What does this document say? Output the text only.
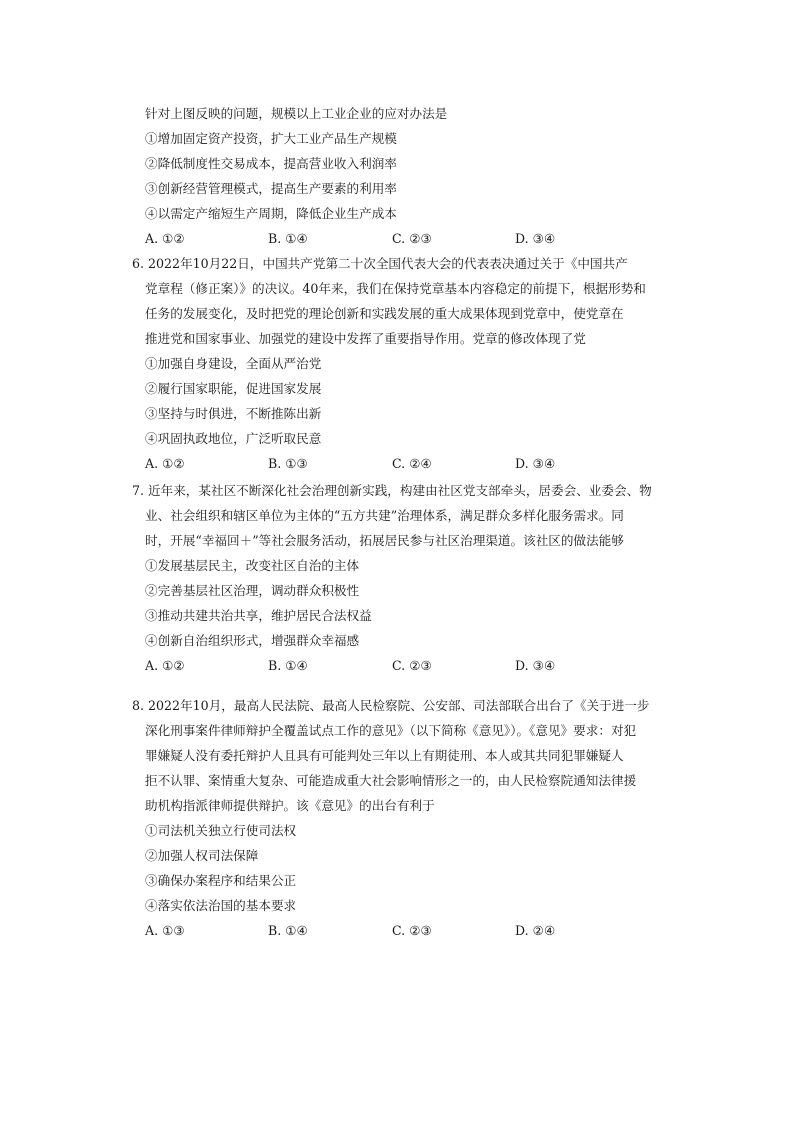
针对上图反映的问题，规模以上工业企业的应对办法是
①增加固定资产投资，扩大工业产品生产规模
②降低制度性交易成本，提高营业收入利润率
③创新经营管理模式，提高生产要素的利用率
④以需定产缩短生产周期，降低企业生产成本
A. ①②	B. ①④	C. ②③	D. ③④
6. 2022年10月22日，中国共产党第二十次全国代表大会的代表表决通过关于《中国共产
党章程（修正案）》的决议。40年来，我们在保持党章基本内容稳定的前提下，根据形势和
任务的发展变化，及时把党的理论创新和实践发展的重大成果体现到党章中，使党章在
推进党和国家事业、加强党的建设中发挥了重要指导作用。党章的修改体现了党
①加强自身建设，全面从严治党
②履行国家职能，促进国家发展
③坚持与时俱进，不断推陈出新
④巩固执政地位，广泛听取民意
A. ①②	B. ①③	C. ②④	D. ③④
7. 近年来，某社区不断深化社会治理创新实践，构建由社区党支部牵头，居委会、业委会、物
业、社会组织和辖区单位为主体的“五方共建”治理体系，满足群众多样化服务需求。同
时，开展“幸福回＋”等社会服务活动，拓展居民参与社区治理渠道。该社区的做法能够
①发展基层民主，改变社区自治的主体
②完善基层社区治理，调动群众积极性
③推动共建共治共享，维护居民合法权益
④创新自治组织形式，增强群众幸福感
A. ①②	B. ①④	C. ②③	D. ③④
8. 2022年10月，最高人民法院、最高人民检察院、公安部、司法部联合出台了《关于进一步
深化刑事案件律师辩护全覆盖试点工作的意见》（以下简称《意见》）。《意见》要求：对犯
罪嫌疑人没有委托辩护人且具有可能判处三年以上有期徒刑、本人或其共同犯罪嫌疑人
拒不认罪、案情重大复杂、可能造成重大社会影响情形之一的，由人民检察院通知法律援
助机构指派律师提供辩护。该《意见》的出台有利于
①司法机关独立行使司法权
②加强人权司法保障
③确保办案程序和结果公正
④落实依法治国的基本要求
A. ①③	B. ①④	C. ②③	D. ②④
